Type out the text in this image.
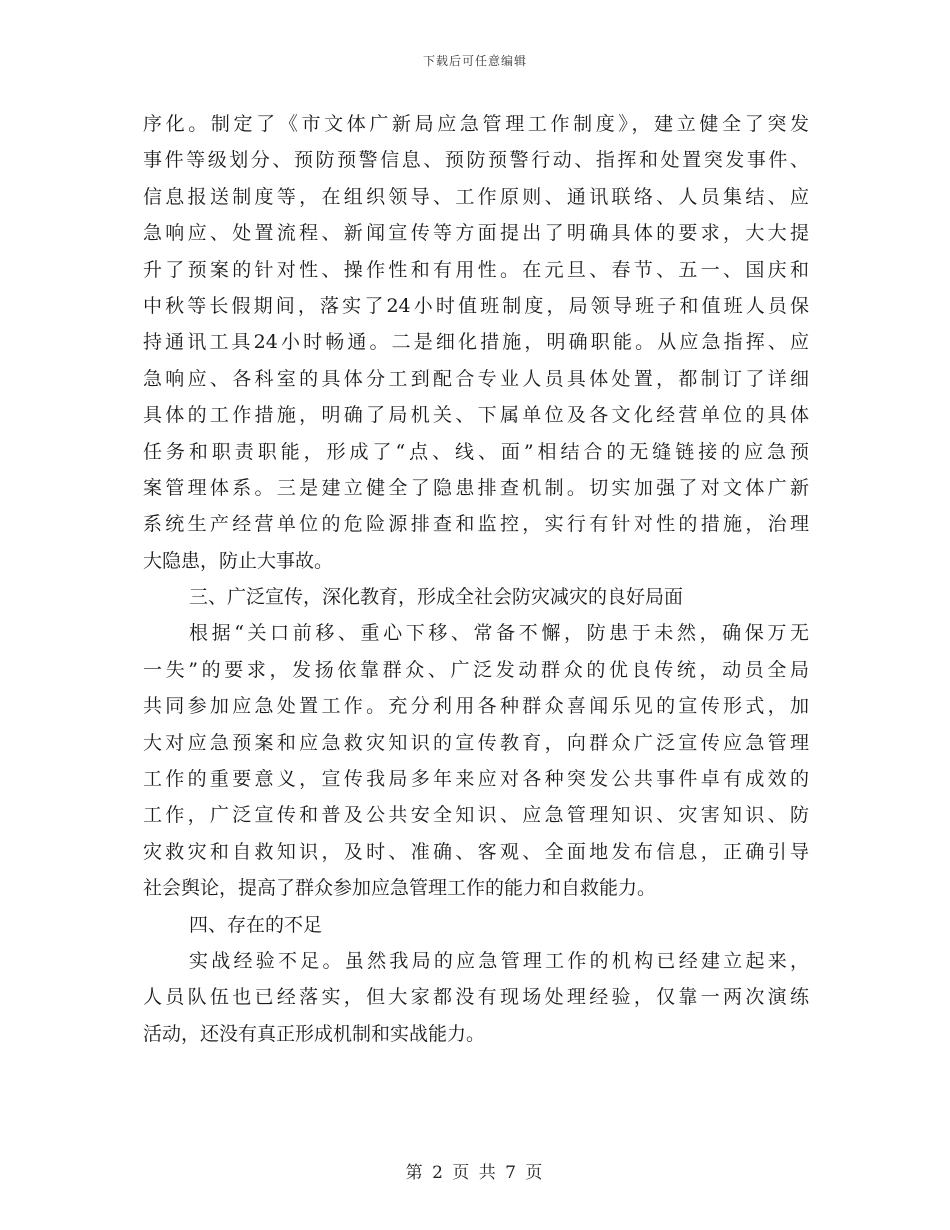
下载后可任意编辑
序化。制定了《市文体广新局应急管理工作制度》，建立健全了突发
事件等级划分、预防预警信息、预防预警行动、指挥和处置突发事件、
信息报送制度等，在组织领导、工作原则、通讯联络、人员集结、应
急响应、处置流程、新闻宣传等方面提出了明确具体的要求，大大提
升了预案的针对性、操作性和有用性。在元旦、春节、五一、国庆和
中秋等长假期间，落实了24小时值班制度，局领导班子和值班人员保
持通讯工具24小时畅通。二是细化措施，明确职能。从应急指挥、应
急响应、各科室的具体分工到配合专业人员具体处置，都制订了详细
具体的工作措施，明确了局机关、下属单位及各文化经营单位的具体
任务和职责职能，形成了“点、线、面”相结合的无缝链接的应急预
案管理体系。三是建立健全了隐患排查机制。切实加强了对文体广新
系统生产经营单位的危险源排查和监控，实行有针对性的措施，治理
大隐患，防止大事故。
三、广泛宣传，深化教育，形成全社会防灾减灾的良好局面
根据“关口前移、重心下移、常备不懈，防患于未然，确保万无
一失”的要求，发扬依靠群众、广泛发动群众的优良传统，动员全局
共同参加应急处置工作。充分利用各种群众喜闻乐见的宣传形式，加
大对应急预案和应急救灾知识的宣传教育，向群众广泛宣传应急管理
工作的重要意义，宣传我局多年来应对各种突发公共事件卓有成效的
工作，广泛宣传和普及公共安全知识、应急管理知识、灾害知识、防
灾救灾和自救知识，及时、准确、客观、全面地发布信息，正确引导
社会舆论，提高了群众参加应急管理工作的能力和自救能力。
四、存在的不足
实战经验不足。虽然我局的应急管理工作的机构已经建立起来，
人员队伍也已经落实，但大家都没有现场处理经验，仅靠一两次演练
活动，还没有真正形成机制和实战能力。
第 2 页 共 7 页
